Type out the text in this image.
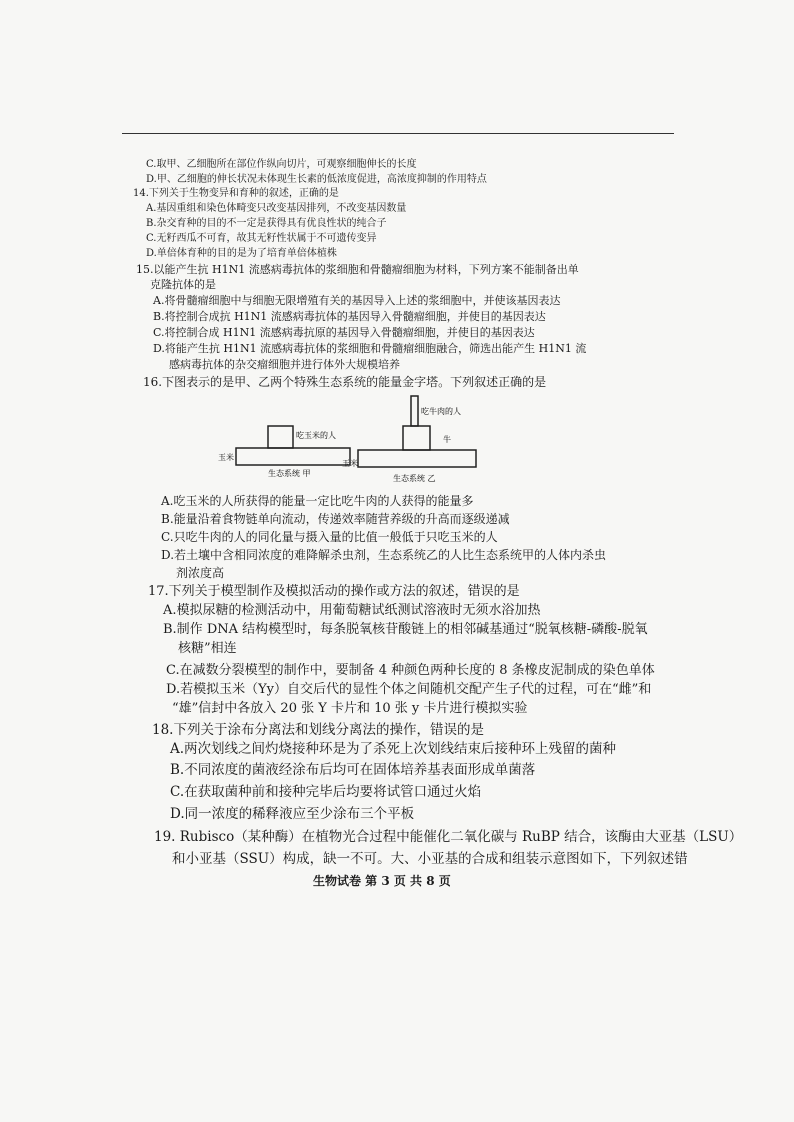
C.取甲、乙细胞所在部位作纵向切片，可观察细胞伸长的长度
D.甲、乙细胞的伸长状况未体现生长素的低浓度促进，高浓度抑制的作用特点
14.下列关于生物变异和育种的叙述，正确的是
A.基因重组和染色体畸变只改变基因排列，不改变基因数量
B.杂交育种的目的不一定是获得具有优良性状的纯合子
C.无籽西瓜不可育，故其无籽性状属于不可遗传变异
D.单倍体育种的目的是为了培育单倍体植株
15.以能产生抗 H1N1 流感病毒抗体的浆细胞和骨髓瘤细胞为材料，下列方案不能制备出单
克隆抗体的是
A.将骨髓瘤细胞中与细胞无限增殖有关的基因导入上述的浆细胞中，并使该基因表达
B.将控制合成抗 H1N1 流感病毒抗体的基因导入骨髓瘤细胞，并使目的基因表达
C.将控制合成 H1N1 流感病毒抗原的基因导入骨髓瘤细胞，并使目的基因表达
D.将能产生抗 H1N1 流感病毒抗体的浆细胞和骨髓瘤细胞融合，筛选出能产生 H1N1 流
感病毒抗体的杂交瘤细胞并进行体外大规模培养
16.下图表示的是甲、乙两个特殊生态系统的能量金字塔。下列叙述正确的是
玉米
吃玉米的人
生态系统 甲
玉米
牛
吃牛肉的人
生态系统 乙
A.吃玉米的人所获得的能量一定比吃牛肉的人获得的能量多
B.能量沿着食物链单向流动，传递效率随营养级的升高而逐级递减
C.只吃牛肉的人的同化量与摄入量的比值一般低于只吃玉米的人
D.若土壤中含相同浓度的难降解杀虫剂，生态系统乙的人比生态系统甲的人体内杀虫
剂浓度高
17.下列关于模型制作及模拟活动的操作或方法的叙述，错误的是
A.模拟尿糖的检测活动中，用葡萄糖试纸测试溶液时无须水浴加热
B.制作 DNA 结构模型时，每条脱氧核苷酸链上的相邻碱基通过“脱氧核糖-磷酸-脱氧
核糖”相连
C.在减数分裂模型的制作中，要制备 4 种颜色两种长度的 8 条橡皮泥制成的染色单体
D.若模拟玉米（Yy）自交后代的显性个体之间随机交配产生子代的过程，可在“雌”和
“雄”信封中各放入 20 张 Y 卡片和 10 张 y 卡片进行模拟实验
18.下列关于涂布分离法和划线分离法的操作，错误的是
A.两次划线之间灼烧接种环是为了杀死上次划线结束后接种环上残留的菌种
B.不同浓度的菌液经涂布后均可在固体培养基表面形成单菌落
C.在获取菌种前和接种完毕后均要将试管口通过火焰
D.同一浓度的稀释液应至少涂布三个平板
19. Rubisco（某种酶）在植物光合过程中能催化二氧化碳与 RuBP 结合，该酶由大亚基（LSU）
和小亚基（SSU）构成，缺一不可。大、小亚基的合成和组装示意图如下，下列叙述错
生物试卷 第 3 页 共 8 页
